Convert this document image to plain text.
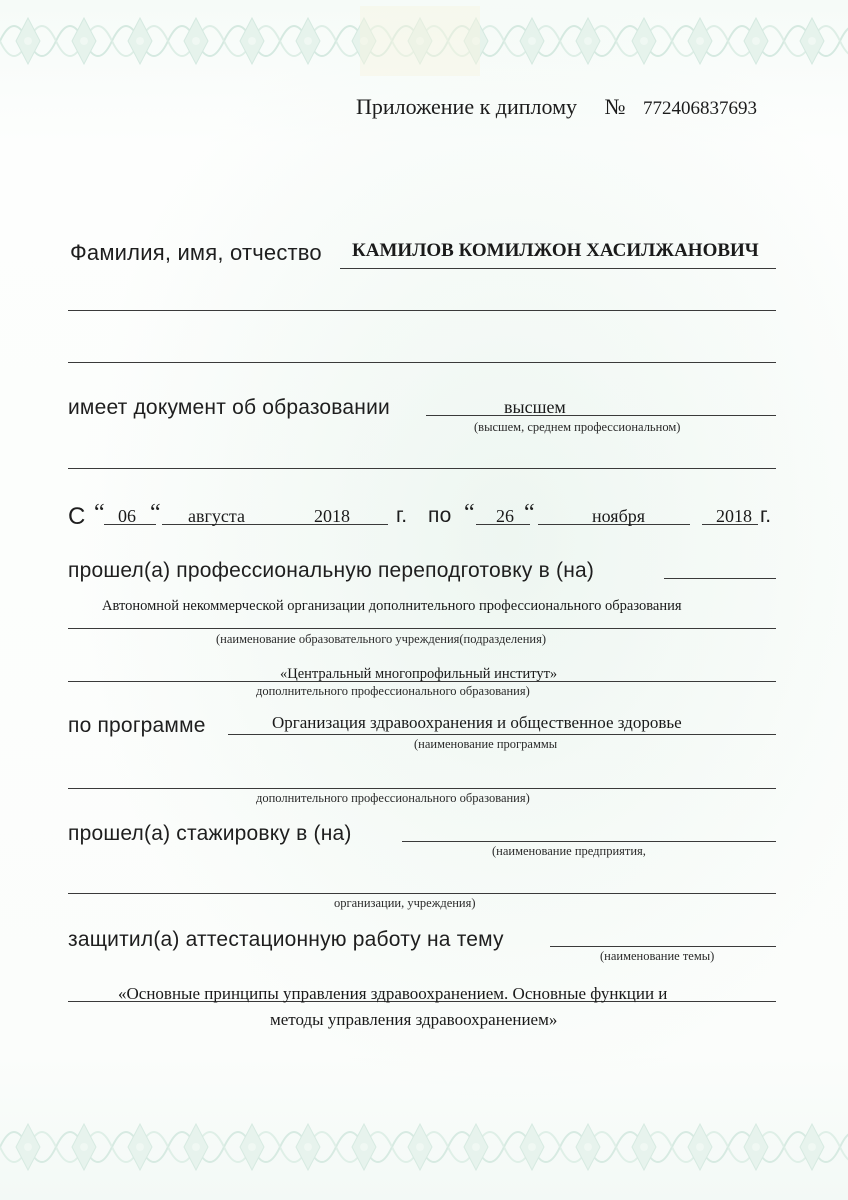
Приложение к диплому № 772406837693
Фамилия, имя, отчество КАМИЛОВ КОМИЛЖОН ХАСИЛЖАНОВИЧ
имеет документ об образовании	высшем
(высшем, среднем профессиональном)
С “ 06 “ августа	2018 г. по “ 26 “	ноября	2018 г.
прошел(а) профессиональную переподготовку в (на)
Автономной некоммерческой организации дополнительного профессионального образования
(наименование образовательного учреждения(подразделения)
«Центральный многопрофильный институт»
дополнительного профессионального образования)
по программе	Организация здравоохранения и общественное здоровье
(наименование программы
дополнительного профессионального образования)
прошел(а) стажировку в (на)
(наименование предприятия,
организации, учреждения)
защитил(а) аттестационную работу на тему
(наименование темы)
«Основные принципы управления здравоохранением. Основные функции и
методы управления здравоохранением»
